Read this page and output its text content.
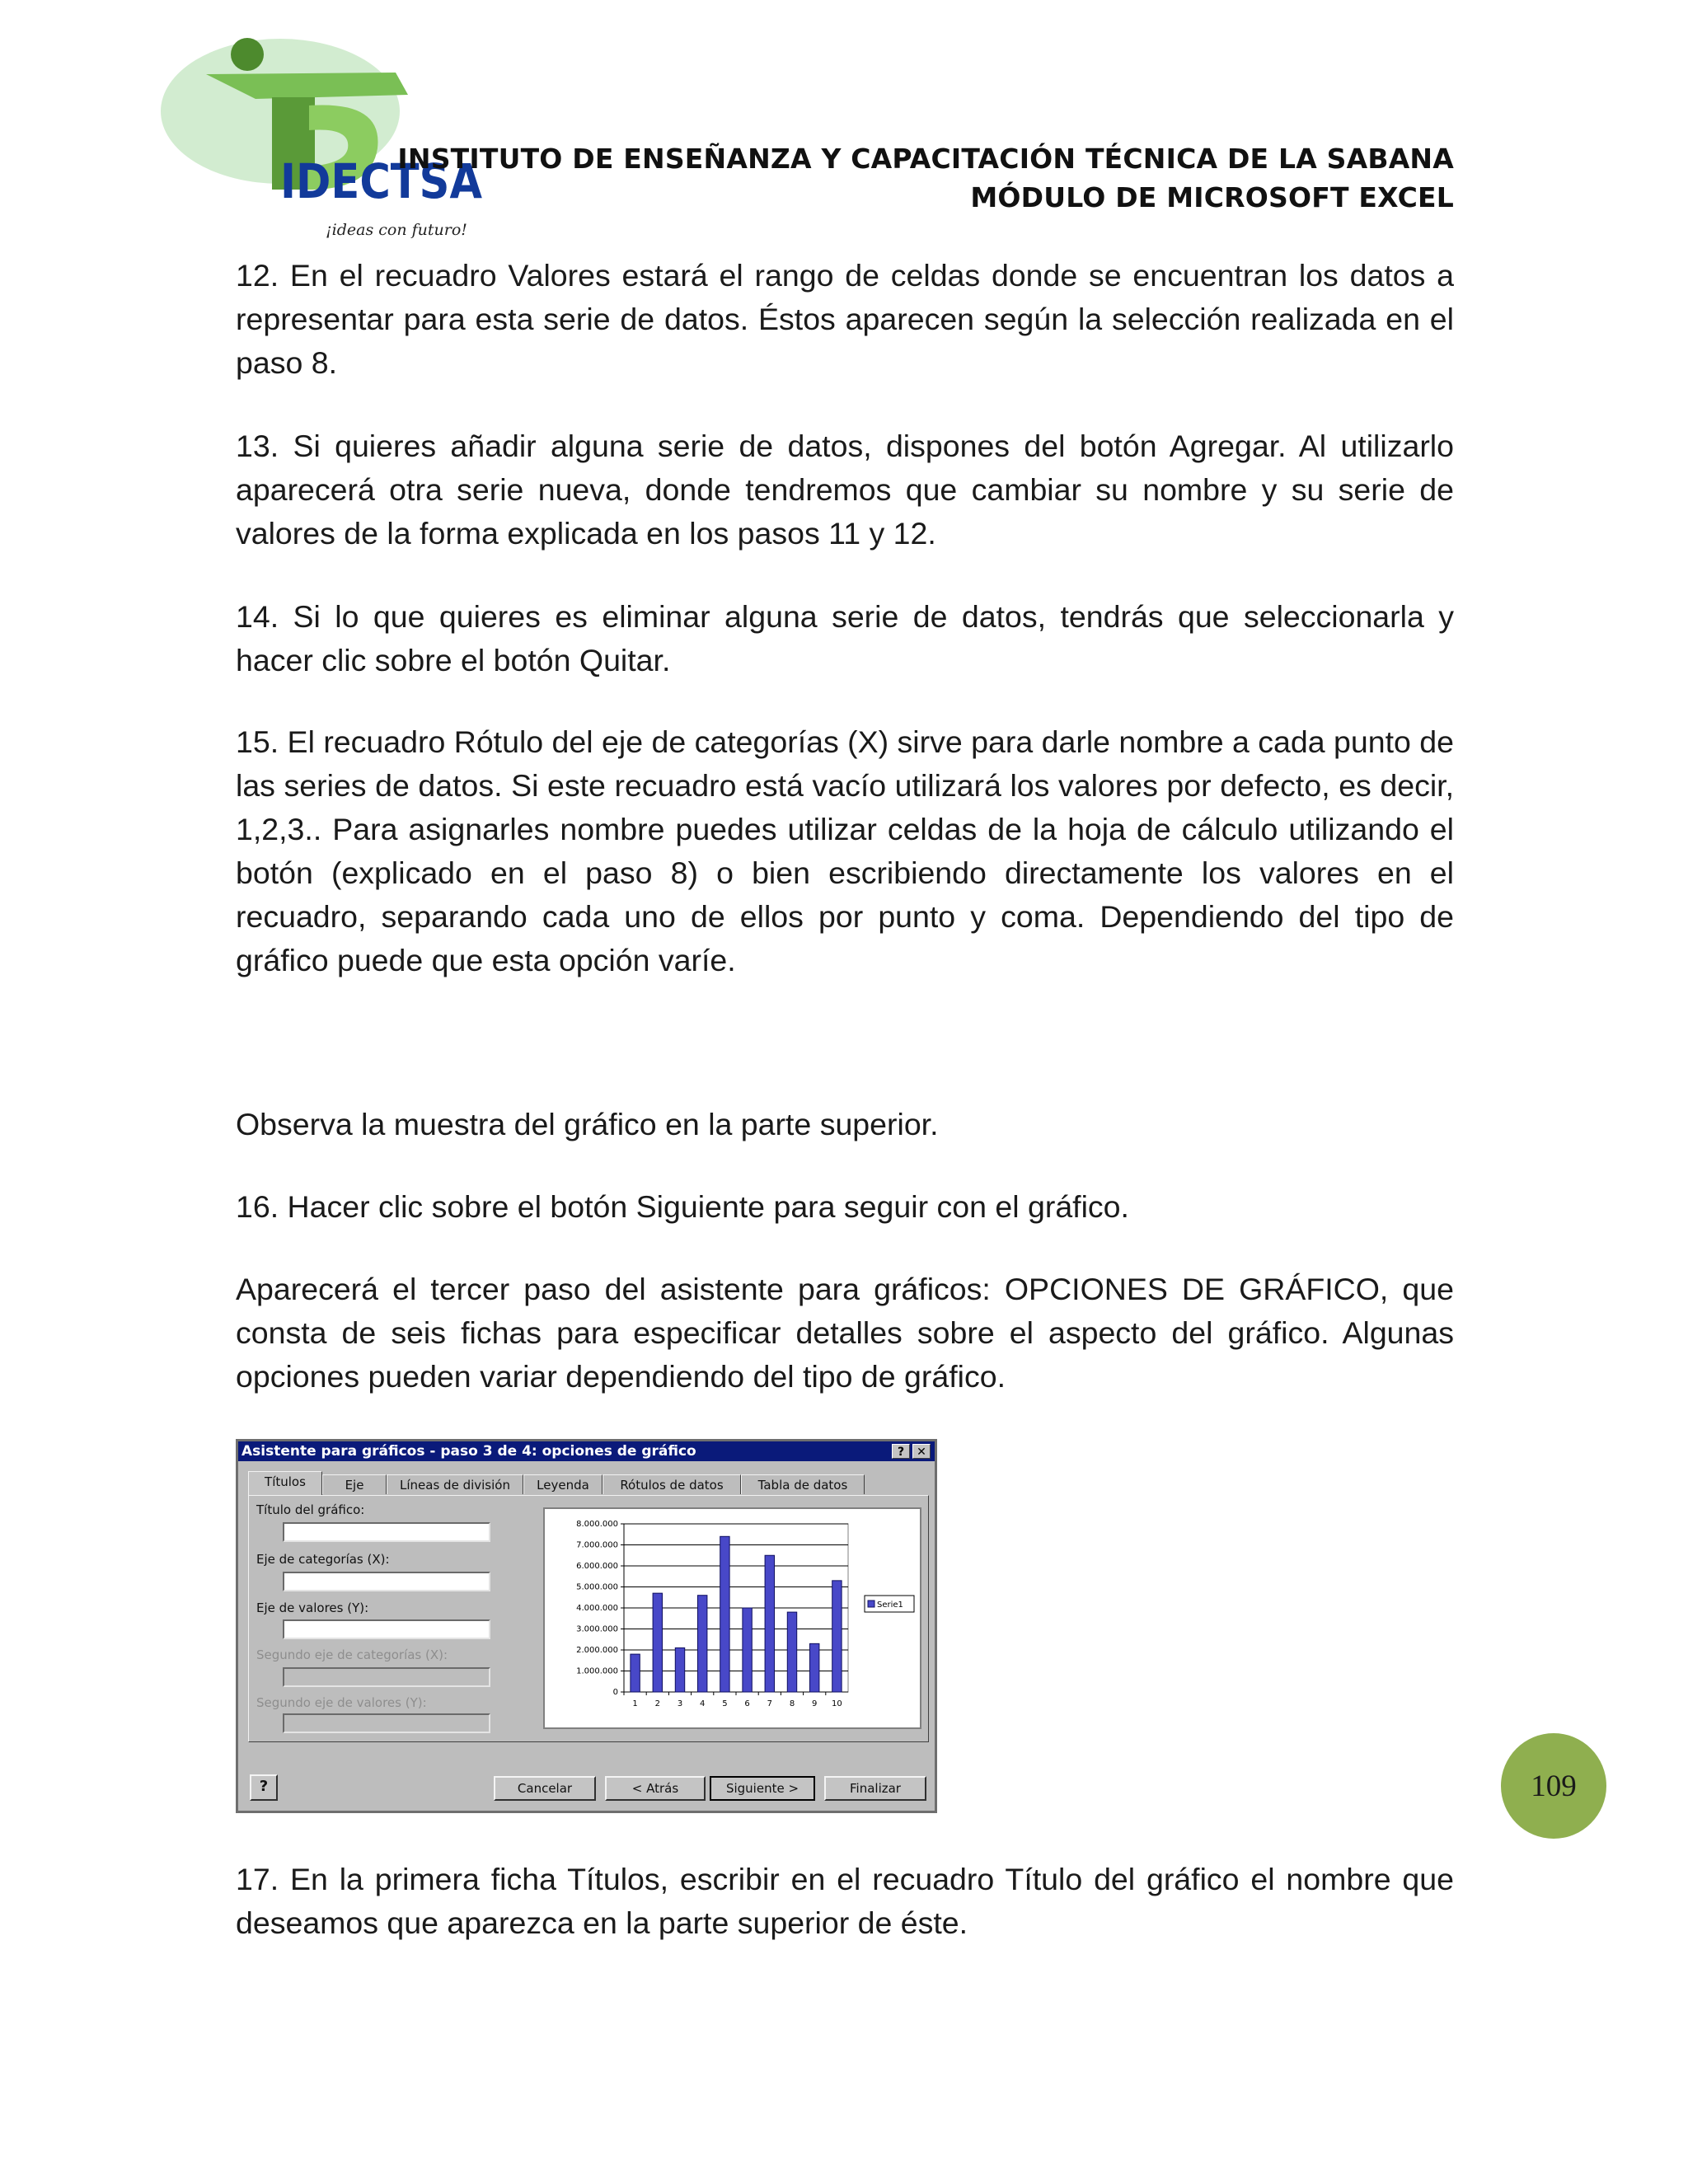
IDECTSA
¡ideas con futuro!
INSTITUTO DE ENSEÑANZA Y CAPACITACIÓN TÉCNICA DE LA SABANA
MÓDULO DE MICROSOFT EXCEL

12. En el recuadro Valores estará el rango de celdas donde se encuentran los datos a representar para esta serie de datos. Éstos aparecen según la selección realizada en el paso 8.

13. Si quieres añadir alguna serie de datos, dispones del botón Agregar. Al utilizarlo aparecerá otra serie nueva, donde tendremos que cambiar su nombre y su serie de valores de la forma explicada en los pasos 11 y 12.

14. Si lo que quieres es eliminar alguna serie de datos, tendrás que seleccionarla y hacer clic sobre el botón Quitar.

15. El recuadro Rótulo del eje de categorías (X) sirve para darle nombre a cada punto de las series de datos. Si este recuadro está vacío utilizará los valores por defecto, es decir, 1,2,3.. Para asignarles nombre puedes utilizar celdas de la hoja de cálculo utilizando el botón (explicado en el paso 8) o bien escribiendo directamente los valores en el recuadro, separando cada uno de ellos por punto y coma. Dependiendo del tipo de gráfico puede que esta opción varíe.

Observa la muestra del gráfico en la parte superior.

16. Hacer clic sobre el botón Siguiente para seguir con el gráfico.

Aparecerá el tercer paso del asistente para gráficos: OPCIONES DE GRÁFICO, que consta de seis fichas para especificar detalles sobre el aspecto del gráfico. Algunas opciones pueden variar dependiendo del tipo de gráfico.

Asistente para gráficos - paso 3 de 4: opciones de gráfico	?	✕
Títulos	Eje	Líneas de división	Leyenda	Rótulos de datos	Tabla de datos
Título del gráfico:
Eje de categorías (X):
Eje de valores (Y):
Segundo eje de categorías (X):
Segundo eje de valores (Y):
0
1.000.000
2.000.000
3.000.000
4.000.000
5.000.000
6.000.000
7.000.000
8.000.000
1 2 3 4 5 6 7 8 9 10
Serie1
?	Cancelar	< Atrás	Siguiente >	Finalizar	109

17. En la primera ficha Títulos, escribir en el recuadro Título del gráfico el nombre que deseamos que aparezca en la parte superior de éste.
